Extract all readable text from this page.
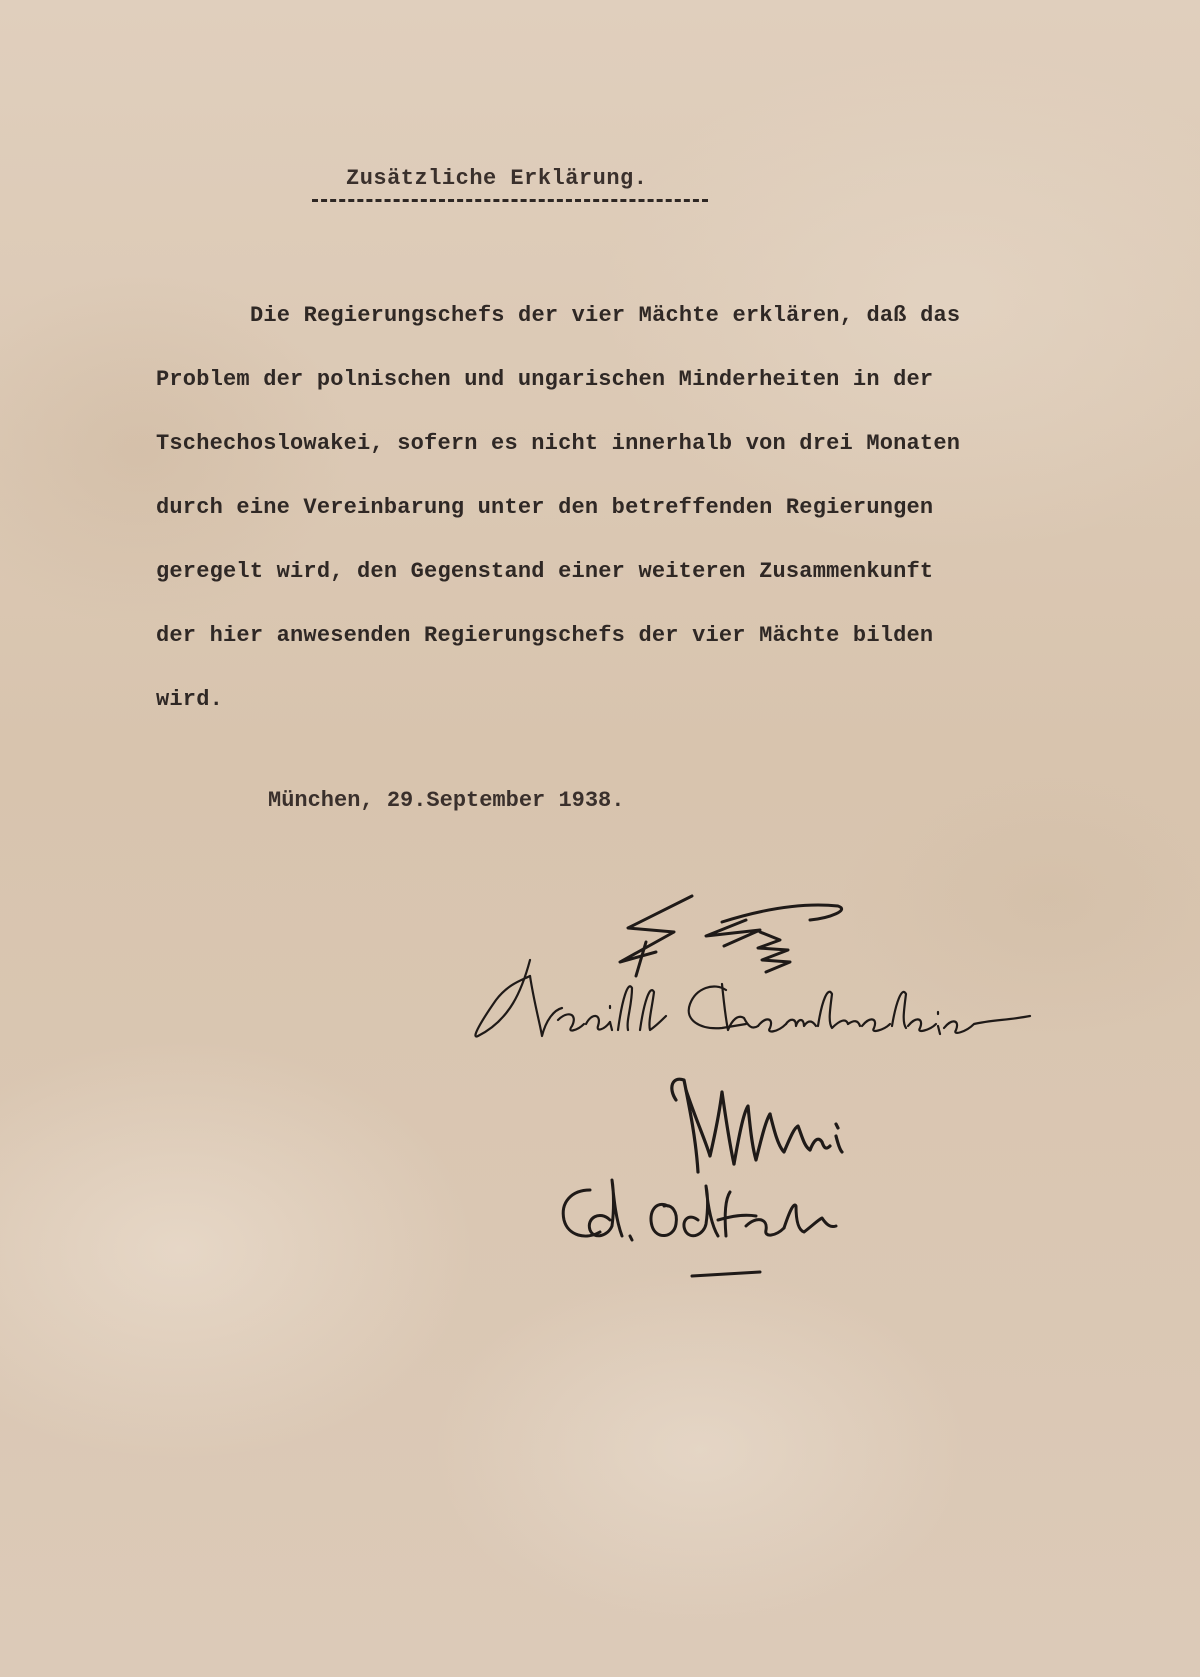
Zusätzliche Erklärung.
Die Regierungschefs der vier Mächte erklären, daß das
Problem der polnischen und ungarischen Minderheiten in der
Tschechoslowakei, sofern es nicht innerhalb von drei Monaten
durch eine Vereinbarung unter den betreffenden Regierungen
geregelt wird, den Gegenstand einer weiteren Zusammenkunft
der hier anwesenden Regierungschefs der vier Mächte bilden
wird.
München, 29.September 1938.
